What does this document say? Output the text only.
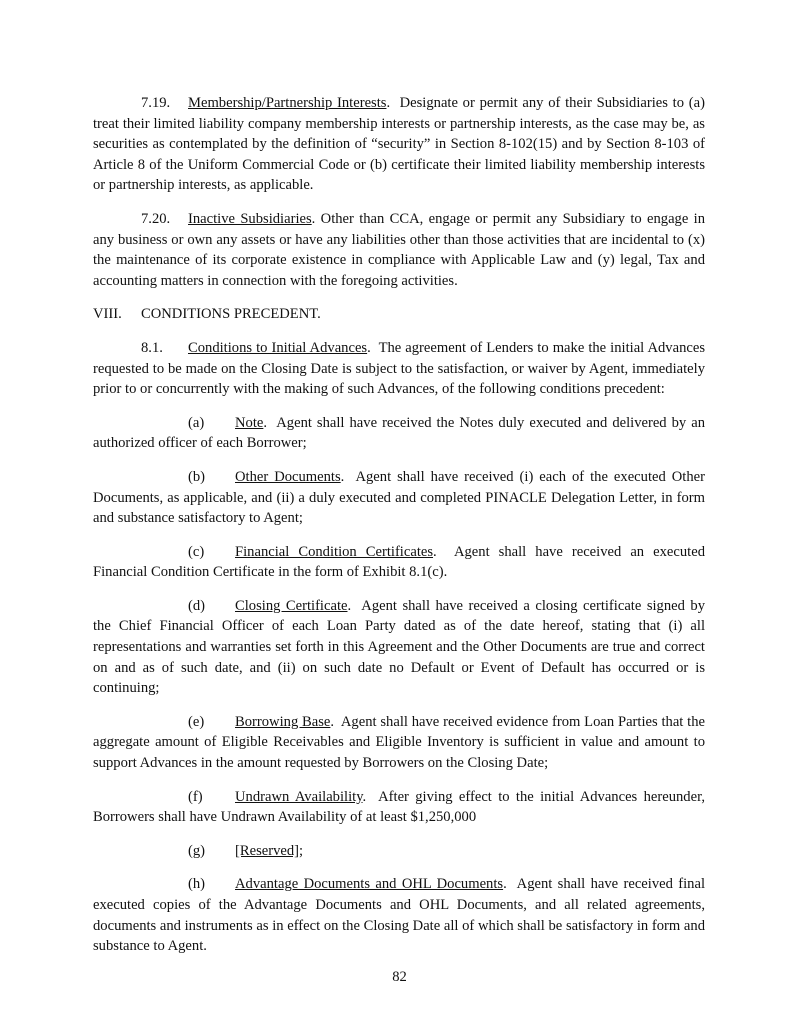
7.19. Membership/Partnership Interests.  Designate or permit any of their Subsidiaries to (a) treat their limited liability company membership interests or partnership interests, as the case may be, as securities as contemplated by the definition of “security” in Section 8-102(15) and by Section 8-103 of Article 8 of the Uniform Commercial Code or (b) certificate their limited liability membership interests or partnership interests, as applicable.

7.20. Inactive Subsidiaries. Other than CCA, engage or permit any Subsidiary to engage in any business or own any assets or have any liabilities other than those activities that are incidental to (x) the maintenance of its corporate existence in compliance with Applicable Law and (y) legal, Tax and accounting matters in connection with the foregoing activities.

VIII. CONDITIONS PRECEDENT.

8.1. Conditions to Initial Advances.  The agreement of Lenders to make the initial Advances requested to be made on the Closing Date is subject to the satisfaction, or waiver by Agent, immediately prior to or concurrently with the making of such Advances, of the following conditions precedent:

(a) Note.  Agent shall have received the Notes duly executed and delivered by an authorized officer of each Borrower;

(b) Other Documents.  Agent shall have received (i) each of the executed Other Documents, as applicable, and (ii) a duly executed and completed PINACLE Delegation Letter, in form and substance satisfactory to Agent;

(c) Financial Condition Certificates.  Agent shall have received an executed Financial Condition Certificate in the form of Exhibit 8.1(c).

(d) Closing Certificate.  Agent shall have received a closing certificate signed by the Chief Financial Officer of each Loan Party dated as of the date hereof, stating that (i) all representations and warranties set forth in this Agreement and the Other Documents are true and correct on and as of such date, and (ii) on such date no Default or Event of Default has occurred or is continuing;

(e) Borrowing Base.  Agent shall have received evidence from Loan Parties that the aggregate amount of Eligible Receivables and Eligible Inventory is sufficient in value and amount to support Advances in the amount requested by Borrowers on the Closing Date;

(f) Undrawn Availability.  After giving effect to the initial Advances hereunder, Borrowers shall have Undrawn Availability of at least $1,250,000

(g) [Reserved];

(h) Advantage Documents and OHL Documents.  Agent shall have received final executed copies of the Advantage Documents and OHL Documents, and all related agreements, documents and instruments as in effect on the Closing Date all of which shall be satisfactory in form and substance to Agent.

82
